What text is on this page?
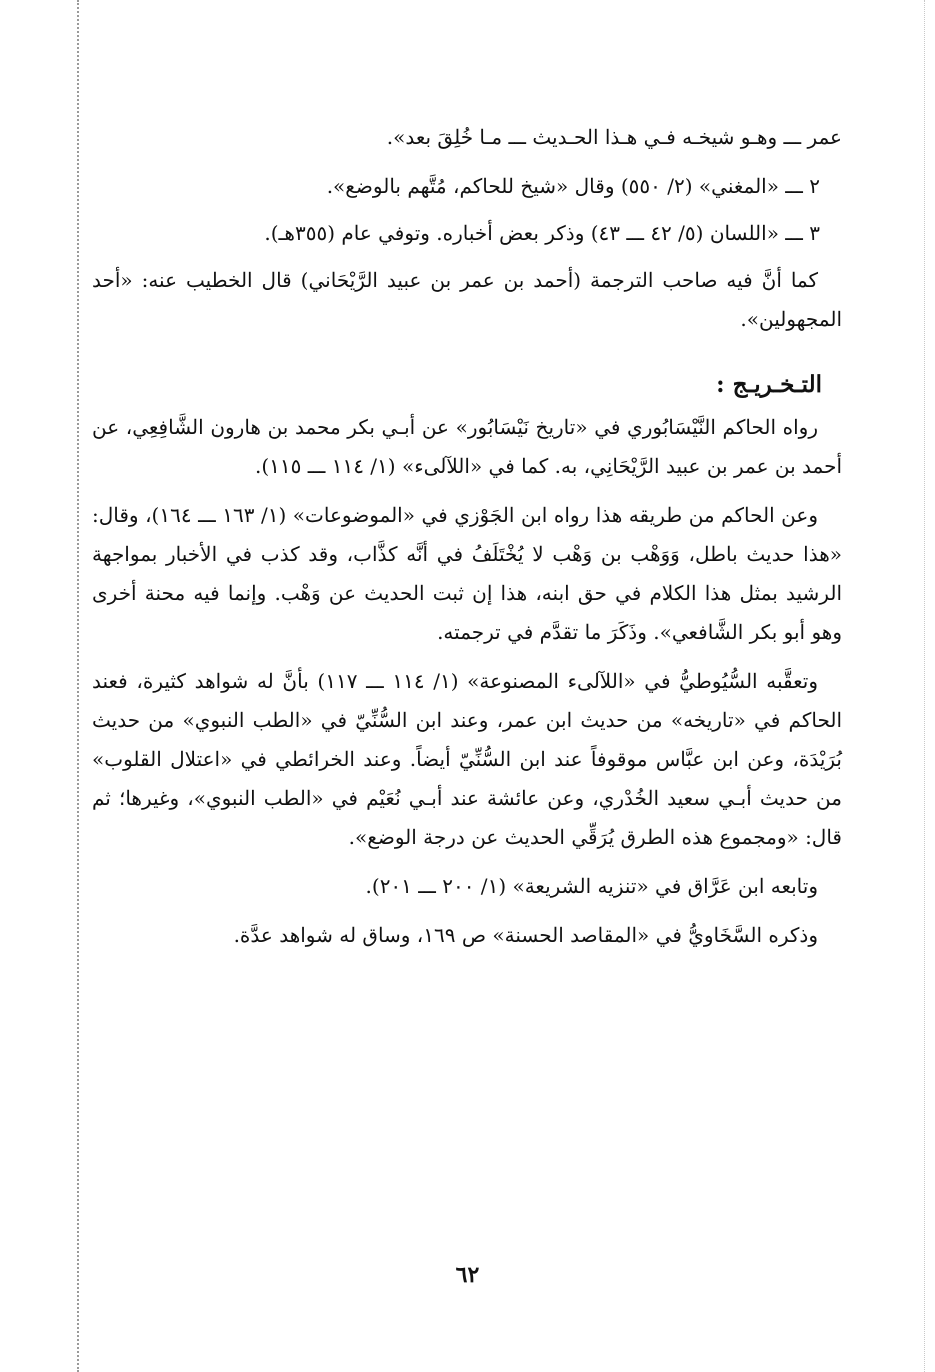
عمر ـــ وهـو شيخـه فـي هـذا الحـديث ـــ مـا خُلِقَ بعد».

٢ ـــ «المغني» (٢/ ٥٥٠) وقال «شيخ للحاكم، مُتَّهم بالوضع».

٣ ـــ «اللسان (٥/ ٤٢ ـــ ٤٣) وذكر بعض أخباره. وتوفي عام (٣٥٥هـ).

كما أنَّ فيه صاحب الترجمة (أحمد بن عمر بن عبيد الرَّيْحَاني) قال الخطيب عنه: «أحد المجهولين».

التـخـريـج :

رواه الحاكم النَّيْسَابُوري في «تاريخ نَيْسَابُور» عن أبـي بكر محمد بن هارون الشَّافِعِي، عن أحمد بن عمر بن عبيد الرَّيْحَانِي، به. كما في «اللآلىء» (١/ ١١٤ ـــ ١١٥).

وعن الحاكم من طريقه هذا رواه ابن الجَوْزي في «الموضوعات» (١/ ١٦٣ ـــ ١٦٤)، وقال: «هذا حديث باطل، وَوَهْب بن وَهْب لا يُخْتَلَفُ في أنَّه كذَّاب، وقد كذب في الأخبار بمواجهة الرشيد بمثل هذا الكلام في حق ابنه، هذا إن ثبت الحديث عن وَهْب. وإنما فيه محنة أخرى وهو أبو بكر الشَّافعي». وذَكَرَ ما تقدَّم في ترجمته.

وتعقَّبه السُّيُوطيُّ في «اللآلىء المصنوعة» (١/ ١١٤ ـــ ١١٧) بأنَّ له شواهد كثيرة، فعند الحاكم في «تاريخه» من حديث ابن عمر، وعند ابن السُّنِّيّ في «الطب النبوي» من حديث بُرَيْدَة، وعن ابن عبَّاس موقوفاً عند ابن السُّنِّيّ أيضاً. وعند الخرائطي في «اعتلال القلوب» من حديث أبـي سعيد الخُدْري، وعن عائشة عند أبـي نُعَيْم في «الطب النبوي»، وغيرها؛ ثم قال: «ومجموع هذه الطرق يُرَقِّي الحديث عن درجة الوضع».

وتابعه ابن عَرَّاق في «تنزيه الشريعة» (١/ ٢٠٠ ـــ ٢٠١).

وذكره السَّخَاويُّ في «المقاصد الحسنة» ص ١٦٩، وساق له شواهد عدَّة.

٦٢
